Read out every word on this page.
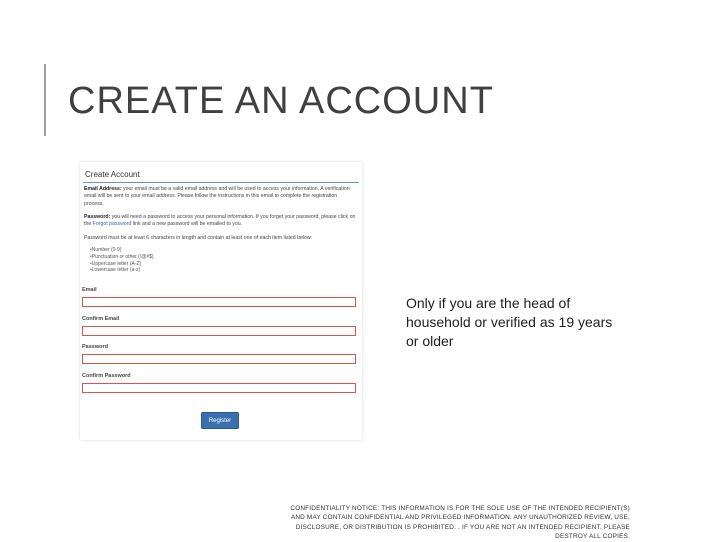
CREATE AN ACCOUNT
Create Account
Email Address: your email must be a valid email address and will be used to access your information. A verification email will be sent to your email address. Please follow the instructions in this email to complete the registration process.
Password: you will need a password to access your personal information. If you forget your password, please click on the Forgot password link and a new password will be emailed to you.
Password must be at least 6 characters in length and contain at least one of each item listed below:
• Number (0-9)
• Punctuation or other (!@#$)
• Uppercase letter (A-Z)
• Lowercase letter (a-z)
Email
Confirm Email
Password
Confirm Password
Register
Only if you are the head of household or verified as 19 years or older
CONFIDENTIALITY NOTICE: THIS INFORMATION IS FOR THE SOLE USE OF THE INTENDED RECIPIENT(S) AND MAY CONTAIN CONFIDENTIAL AND PRIVILEGED INFORMATION. ANY UNAUTHORIZED REVIEW, USE, DISCLOSURE, OR DISTRIBUTION IS PROHIBITED. . IF YOU ARE NOT AN INTENDED RECIPIENT, PLEASE DESTROY ALL COPIES.
